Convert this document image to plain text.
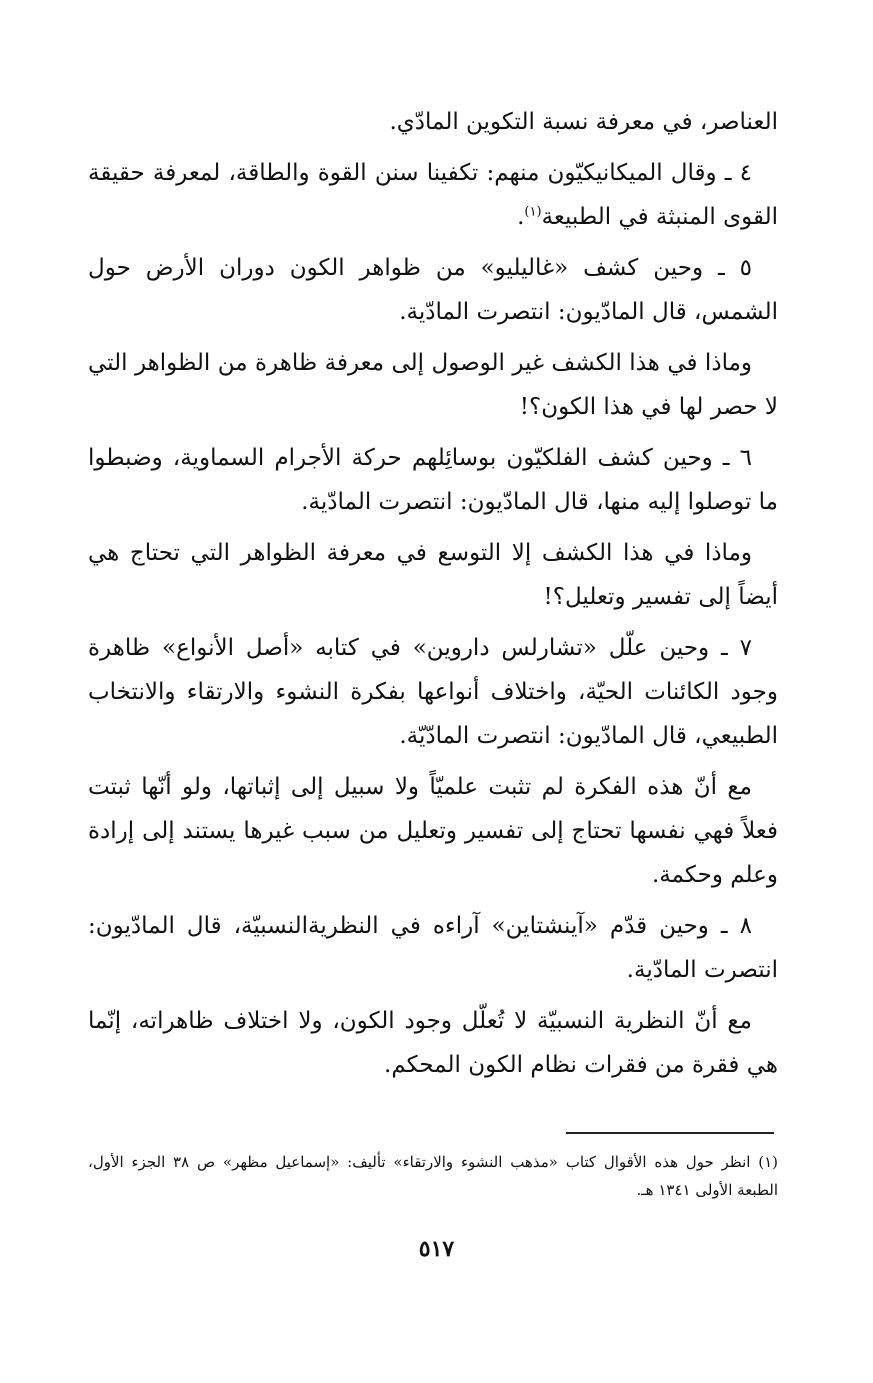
العناصر، في معرفة نسبة التكوين المادّي.

٤ ـ وقال الميكانيكيّون منهم: تكفينا سنن القوة والطاقة، لمعرفة حقيقة القوى المنبثة في الطبيعة$^{(١)}$.

٥ ـ وحين كشف «غاليليو» من ظواهر الكون دوران الأرض حول الشمس، قال المادّيون: انتصرت المادّية.

وماذا في هذا الكشف غير الوصول إلى معرفة ظاهرة من الظواهر التي لا حصر لها في هذا الكون؟!

٦ ـ وحين كشف الفلكيّون بوسائِلهم حركة الأجرام السماوية، وضبطوا ما توصلوا إليه منها، قال المادّيون: انتصرت المادّية.

وماذا في هذا الكشف إلا التوسع في معرفة الظواهر التي تحتاج هي أيضاً إلى تفسير وتعليل؟!

٧ ـ وحين علّل «تشارلس داروين» في كتابه «أصل الأنواع» ظاهرة وجود الكائنات الحيّة، واختلاف أنواعها بفكرة النشوء والارتقاء والانتخاب الطبيعي، قال المادّيون: انتصرت المادّيّة.

مع أنّ هذه الفكرة لم تثبت علميّاً ولا سبيل إلى إثباتها، ولو أنّها ثبتت فعلاً فهي نفسها تحتاج إلى تفسير وتعليل من سبب غيرها يستند إلى إرادة وعلم وحكمة.

٨ ـ وحين قدّم «آينشتاين» آراءه في النظريةالنسبيّة، قال المادّيون: انتصرت المادّية.

مع أنّ النظرية النسبيّة لا تُعلّل وجود الكون، ولا اختلاف ظاهراته، إنّما هي فقرة من فقرات نظام الكون المحكم.

(١) انظر حول هذه الأقوال كتاب «مذهب النشوء والارتقاء» تأليف: «إسماعيل مظهر» ص ٣٨ الجزء الأول، الطبعة الأولى ١٣٤١ هـ.
٥١٧
